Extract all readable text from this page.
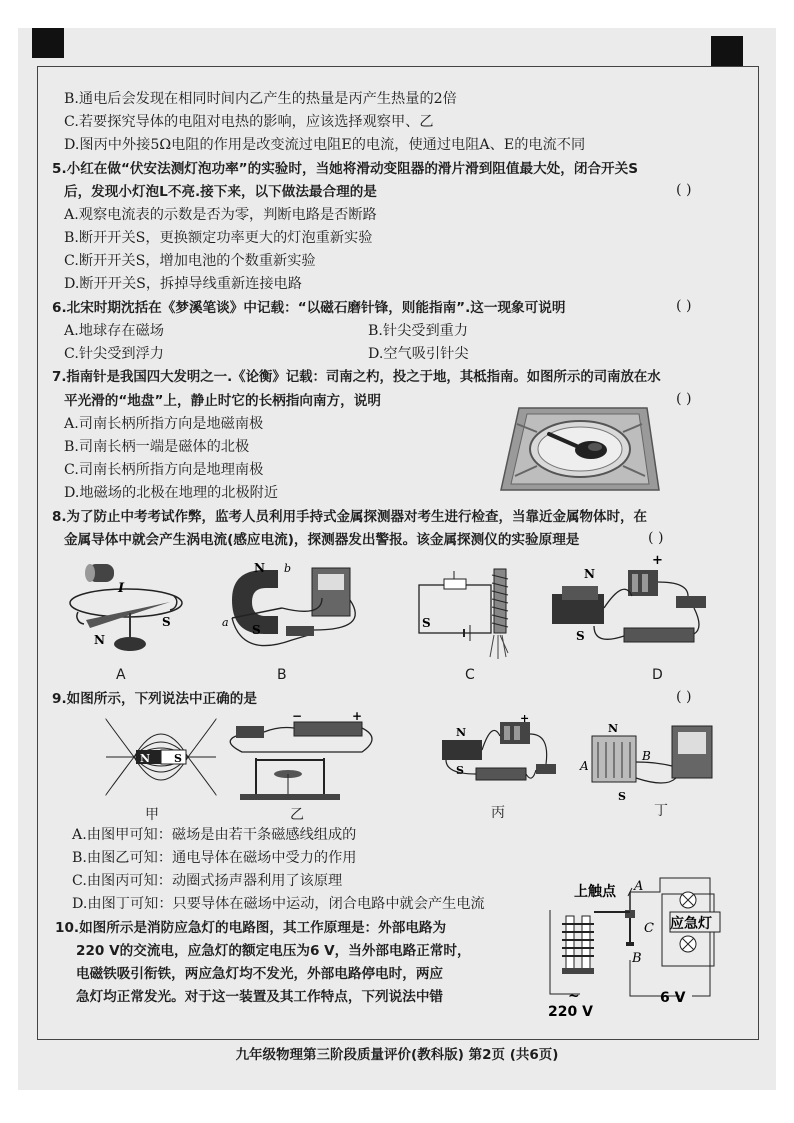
B.通电后会发现在相同时间内乙产生的热量是丙产生热量的2倍
C.若要探究导体的电阻对电热的影响，应该选择观察甲、乙
D.图丙中外接5Ω电阻的作用是改变流过电阻E的电流，使通过电阻A、E的电流不同
5.小红在做“伏安法测灯泡功率”的实验时，当她将滑动变阻器的滑片滑到阻值最大处，闭合开关S
后，发现小灯泡L不亮.接下来，以下做法最合理的是	( )
A.观察电流表的示数是否为零，判断电路是否断路
B.断开开关S，更换额定功率更大的灯泡重新实验
C.断开开关S，增加电池的个数重新实验
D.断开开关S，拆掉导线重新连接电路
6.北宋时期沈括在《梦溪笔谈》中记载：“以磁石磨针锋，则能指南”.这一现象可说明	( )
A.地球存在磁场	B.针尖受到重力
C.针尖受到浮力	D.空气吸引针尖
7.指南针是我国四大发明之一.《论衡》记载：司南之杓，投之于地，其柢指南。如图所示的司南放在水
平光滑的“地盘”上，静止时它的长柄指向南方，说明	( )
A.司南长柄所指方向是地磁南极
B.司南长柄一端是磁体的北极
C.司南长柄所指方向是地理南极
D.地磁场的北极在地理的北极附近
8.为了防止中考考试作弊，监考人员利用手持式金属探测器对考生进行检查，当靠近金属物体时，在
金属导体中就会产生涡电流(感应电流)，探测器发出警报。该金属探测仪的实验原理是	( )
I
N
S
N
S
a
b
S
N
S
+
A	B	C	D
9.如图所示，下列说法中正确的是	( )
N S
−	+
N
S
+
N
S
A
B
甲	乙	丙	丁
A.由图甲可知：磁场是由若干条磁感线组成的
B.由图乙可知：通电导体在磁场中受力的作用
C.由图丙可知：动圈式扬声器利用了该原理
D.由图丁可知：只要导体在磁场中运动，闭合电路中就会产生电流
10.如图所示是消防应急灯的电路图，其工作原理是：外部电路为
220 V的交流电，应急灯的额定电压为6 V，当外部电路正常时，
电磁铁吸引衔铁，两应急灯均不发光，外部电路停电时，两应
急灯均正常发光。对于这一装置及其工作特点，下列说法中错
上触点 A
B
C 应急灯
6 V
~
220 V
九年级物理第三阶段质量评价(教科版) 第2页 (共6页)
